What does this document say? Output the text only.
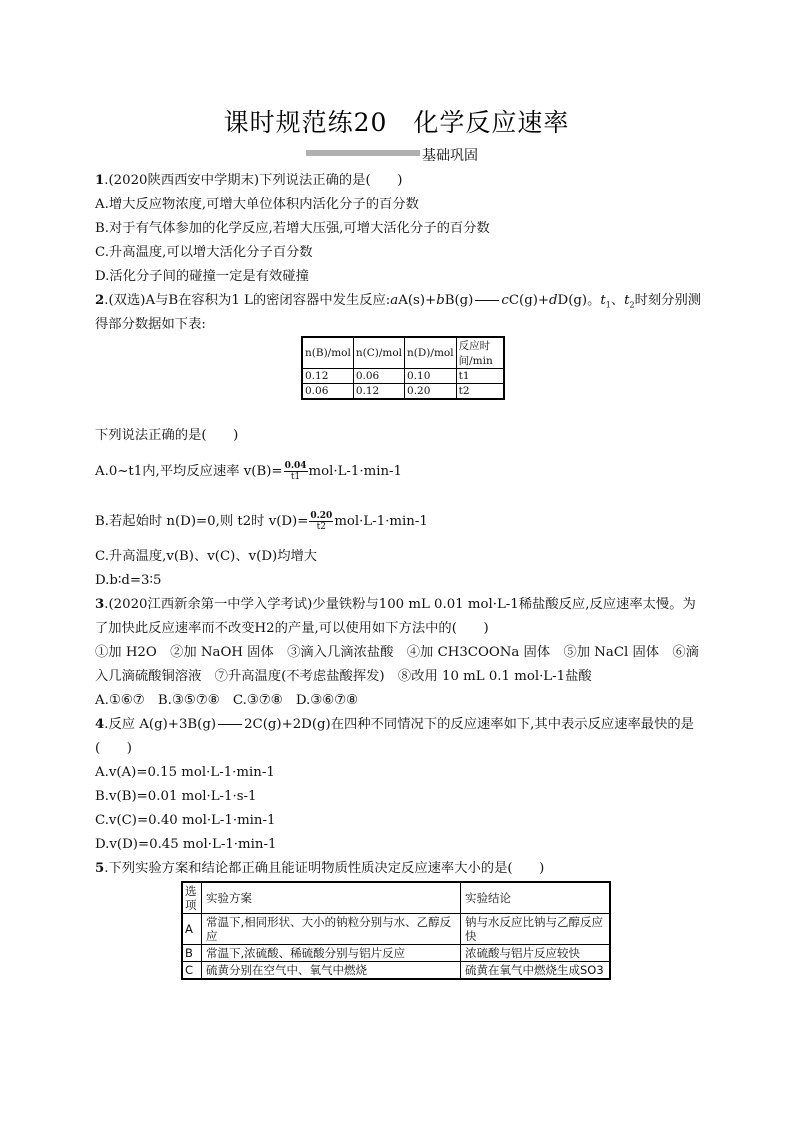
课时规范练20　化学反应速率
基础巩固
1.(2020陕西西安中学期末)下列说法正确的是(　　)
A.增大反应物浓度,可增大单位体积内活化分子的百分数
B.对于有气体参加的化学反应,若增大压强,可增大活化分子的百分数
C.升高温度,可以增大活化分子百分数
D.活化分子间的碰撞一定是有效碰撞
2.(双选)A与B在容积为1 L的密闭容器中发生反应:aA(s)+bB(g) cC(g)+dD(g)。$t_1$、$t_2$时刻分别测
得部分数据如下表:
n(B)/mol	n(C)/mol	n(D)/mol	反应时间/min
0.12	0.06	0.10	t1
0.06	0.12	0.20	t2
下列说法正确的是(　　)
A.0~t1内,平均反应速率 $v(B)= \frac{0.04}{t1} mol\cdot L-1\cdot\min-1$
B.若起始时 n(D)=0,则 t2时 $v(D)= \frac{0.20}{t2} mol\cdot L-1\cdot\min-1$
C.升高温度,v(B)、v(C)、v(D)均增大
D.b∶d=3∶5
3.(2020江西新余第一中学入学考试)少量铁粉与100 mL 0.01 mol·L-1稀盐酸反应,反应速率太慢。为
了加快此反应速率而不改变H2的产量,可以使用如下方法中的(　　)
①加 H2O　②加 NaOH 固体　③滴入几滴浓盐酸　④加 CH3COONa 固体　⑤加 NaCl 固体　⑥滴
入几滴硫酸铜溶液　⑦升高温度(不考虑盐酸挥发)　⑧改用 10 mL 0.1 mol·L-1盐酸
A.①⑥⑦　B.③⑤⑦⑧　C.③⑦⑧　D.③⑥⑦⑧
4.反应 A(g)+3B(g) 2C(g)+2D(g)在四种不同情况下的反应速率如下,其中表示反应速率最快的是
(　　)
A.v(A)=0.15 mol·L-1·min-1
B.v(B)=0.01 mol·L-1·s-1
C.v(C)=0.40 mol·L-1·min-1
D.v(D)=0.45 mol·L-1·min-1
5.下列实验方案和结论都正确且能证明物质性质决定反应速率大小的是(　　)
选项	实验方案	实验结论
A	常温下,相同形状、大小的钠粒分别与水、乙醇反应	钠与水反应比钠与乙醇反应快
B	常温下,浓硫酸、稀硫酸分别与铝片反应	浓硫酸与铝片反应较快
C	硫黄分别在空气中、氧气中燃烧	硫黄在氧气中燃烧生成SO3
